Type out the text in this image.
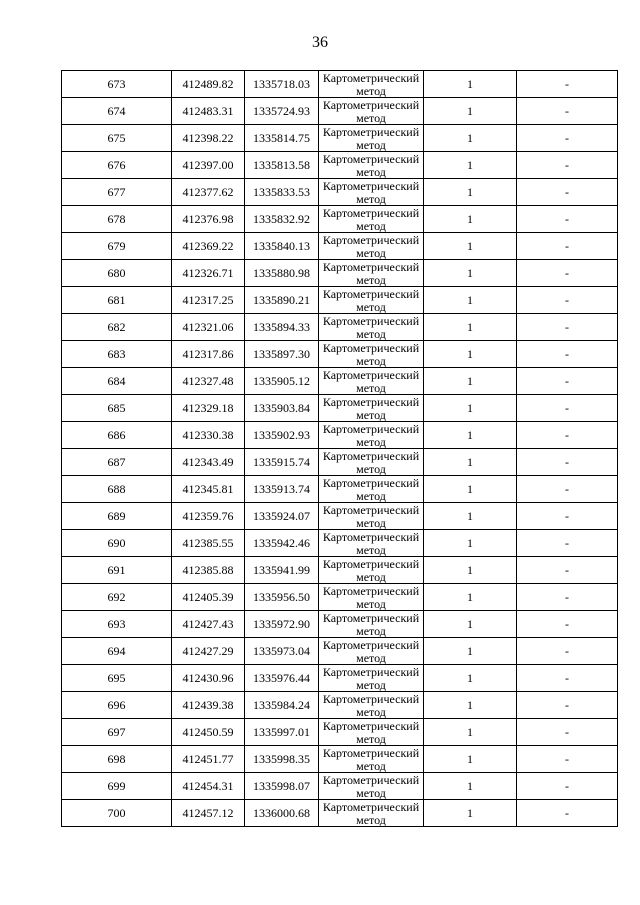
36
673	412489.82	1335718.03	Картометрический метод	1	-
674	412483.31	1335724.93	Картометрический метод	1	-
675	412398.22	1335814.75	Картометрический метод	1	-
676	412397.00	1335813.58	Картометрический метод	1	-
677	412377.62	1335833.53	Картометрический метод	1	-
678	412376.98	1335832.92	Картометрический метод	1	-
679	412369.22	1335840.13	Картометрический метод	1	-
680	412326.71	1335880.98	Картометрический метод	1	-
681	412317.25	1335890.21	Картометрический метод	1	-
682	412321.06	1335894.33	Картометрический метод	1	-
683	412317.86	1335897.30	Картометрический метод	1	-
684	412327.48	1335905.12	Картометрический метод	1	-
685	412329.18	1335903.84	Картометрический метод	1	-
686	412330.38	1335902.93	Картометрический метод	1	-
687	412343.49	1335915.74	Картометрический метод	1	-
688	412345.81	1335913.74	Картометрический метод	1	-
689	412359.76	1335924.07	Картометрический метод	1	-
690	412385.55	1335942.46	Картометрический метод	1	-
691	412385.88	1335941.99	Картометрический метод	1	-
692	412405.39	1335956.50	Картометрический метод	1	-
693	412427.43	1335972.90	Картометрический метод	1	-
694	412427.29	1335973.04	Картометрический метод	1	-
695	412430.96	1335976.44	Картометрический метод	1	-
696	412439.38	1335984.24	Картометрический метод	1	-
697	412450.59	1335997.01	Картометрический метод	1	-
698	412451.77	1335998.35	Картометрический метод	1	-
699	412454.31	1335998.07	Картометрический метод	1	-
700	412457.12	1336000.68	Картометрический метод	1	-
